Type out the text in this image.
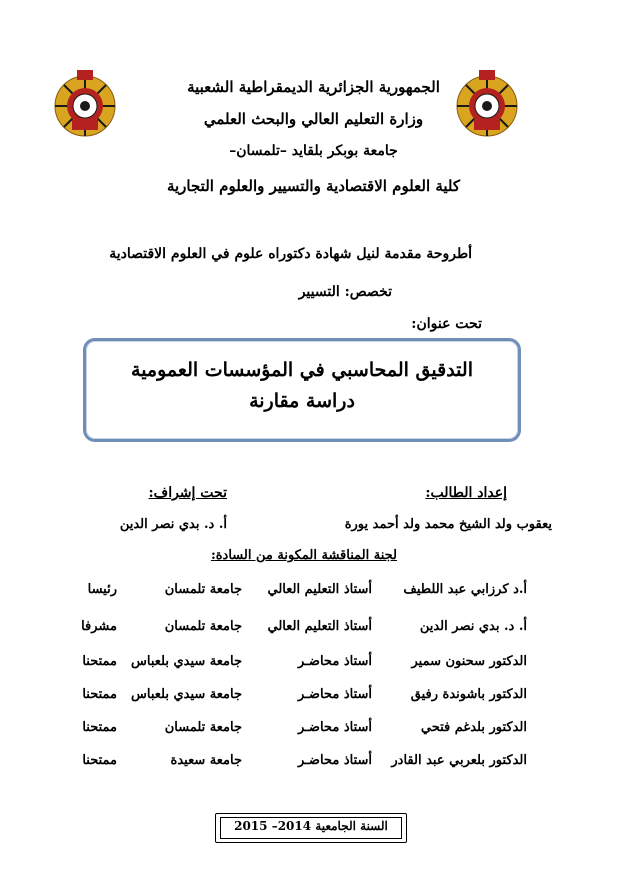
الجمهورية الجزائرية الديمقراطية الشعبية
وزارة التعليم العالي والبحث العلمي
جامعة بوبكر بلقايد –تلمسان–
كلية العلوم الاقتصادية والتسيير والعلوم التجارية
أطروحة مقدمة لنيل شهادة دكتوراه علوم في العلوم الاقتصادية
تخصص: التسيير
تحت عنوان:
التدقيق المحاسبي في المؤسسات العمومية
دراسة مقارنة
إعداد الطالب:
تحت إشراف:
يعقوب ولد الشيخ محمد ولد أحمد يورة
أ. د. بدي نصر الدين
لجنة المناقشة المكونة من السادة:
أ.د كرزابي عبد اللطيف
أستاذ التعليم العالي
جامعة تلمسان
رئيسا
أ. د. بدي نصر الدين
أستاذ التعليم العالي
جامعة تلمسان
مشرفا
الدكتور سحنون سمير
أستاذ محاضـر
جامعة سيدي بلعباس
ممتحنا
الدكتور باشوندة رفيق
أستاذ محاضـر
جامعة سيدي بلعباس
ممتحنا
الدكتور بلدغم فتحي
أستاذ محاضـر
جامعة تلمسان
ممتحنا
الدكتور بلعربي عبد القادر
أستاذ محاضـر
جامعة سعيدة
ممتحنا
السنة الجامعية 2014– 2015
